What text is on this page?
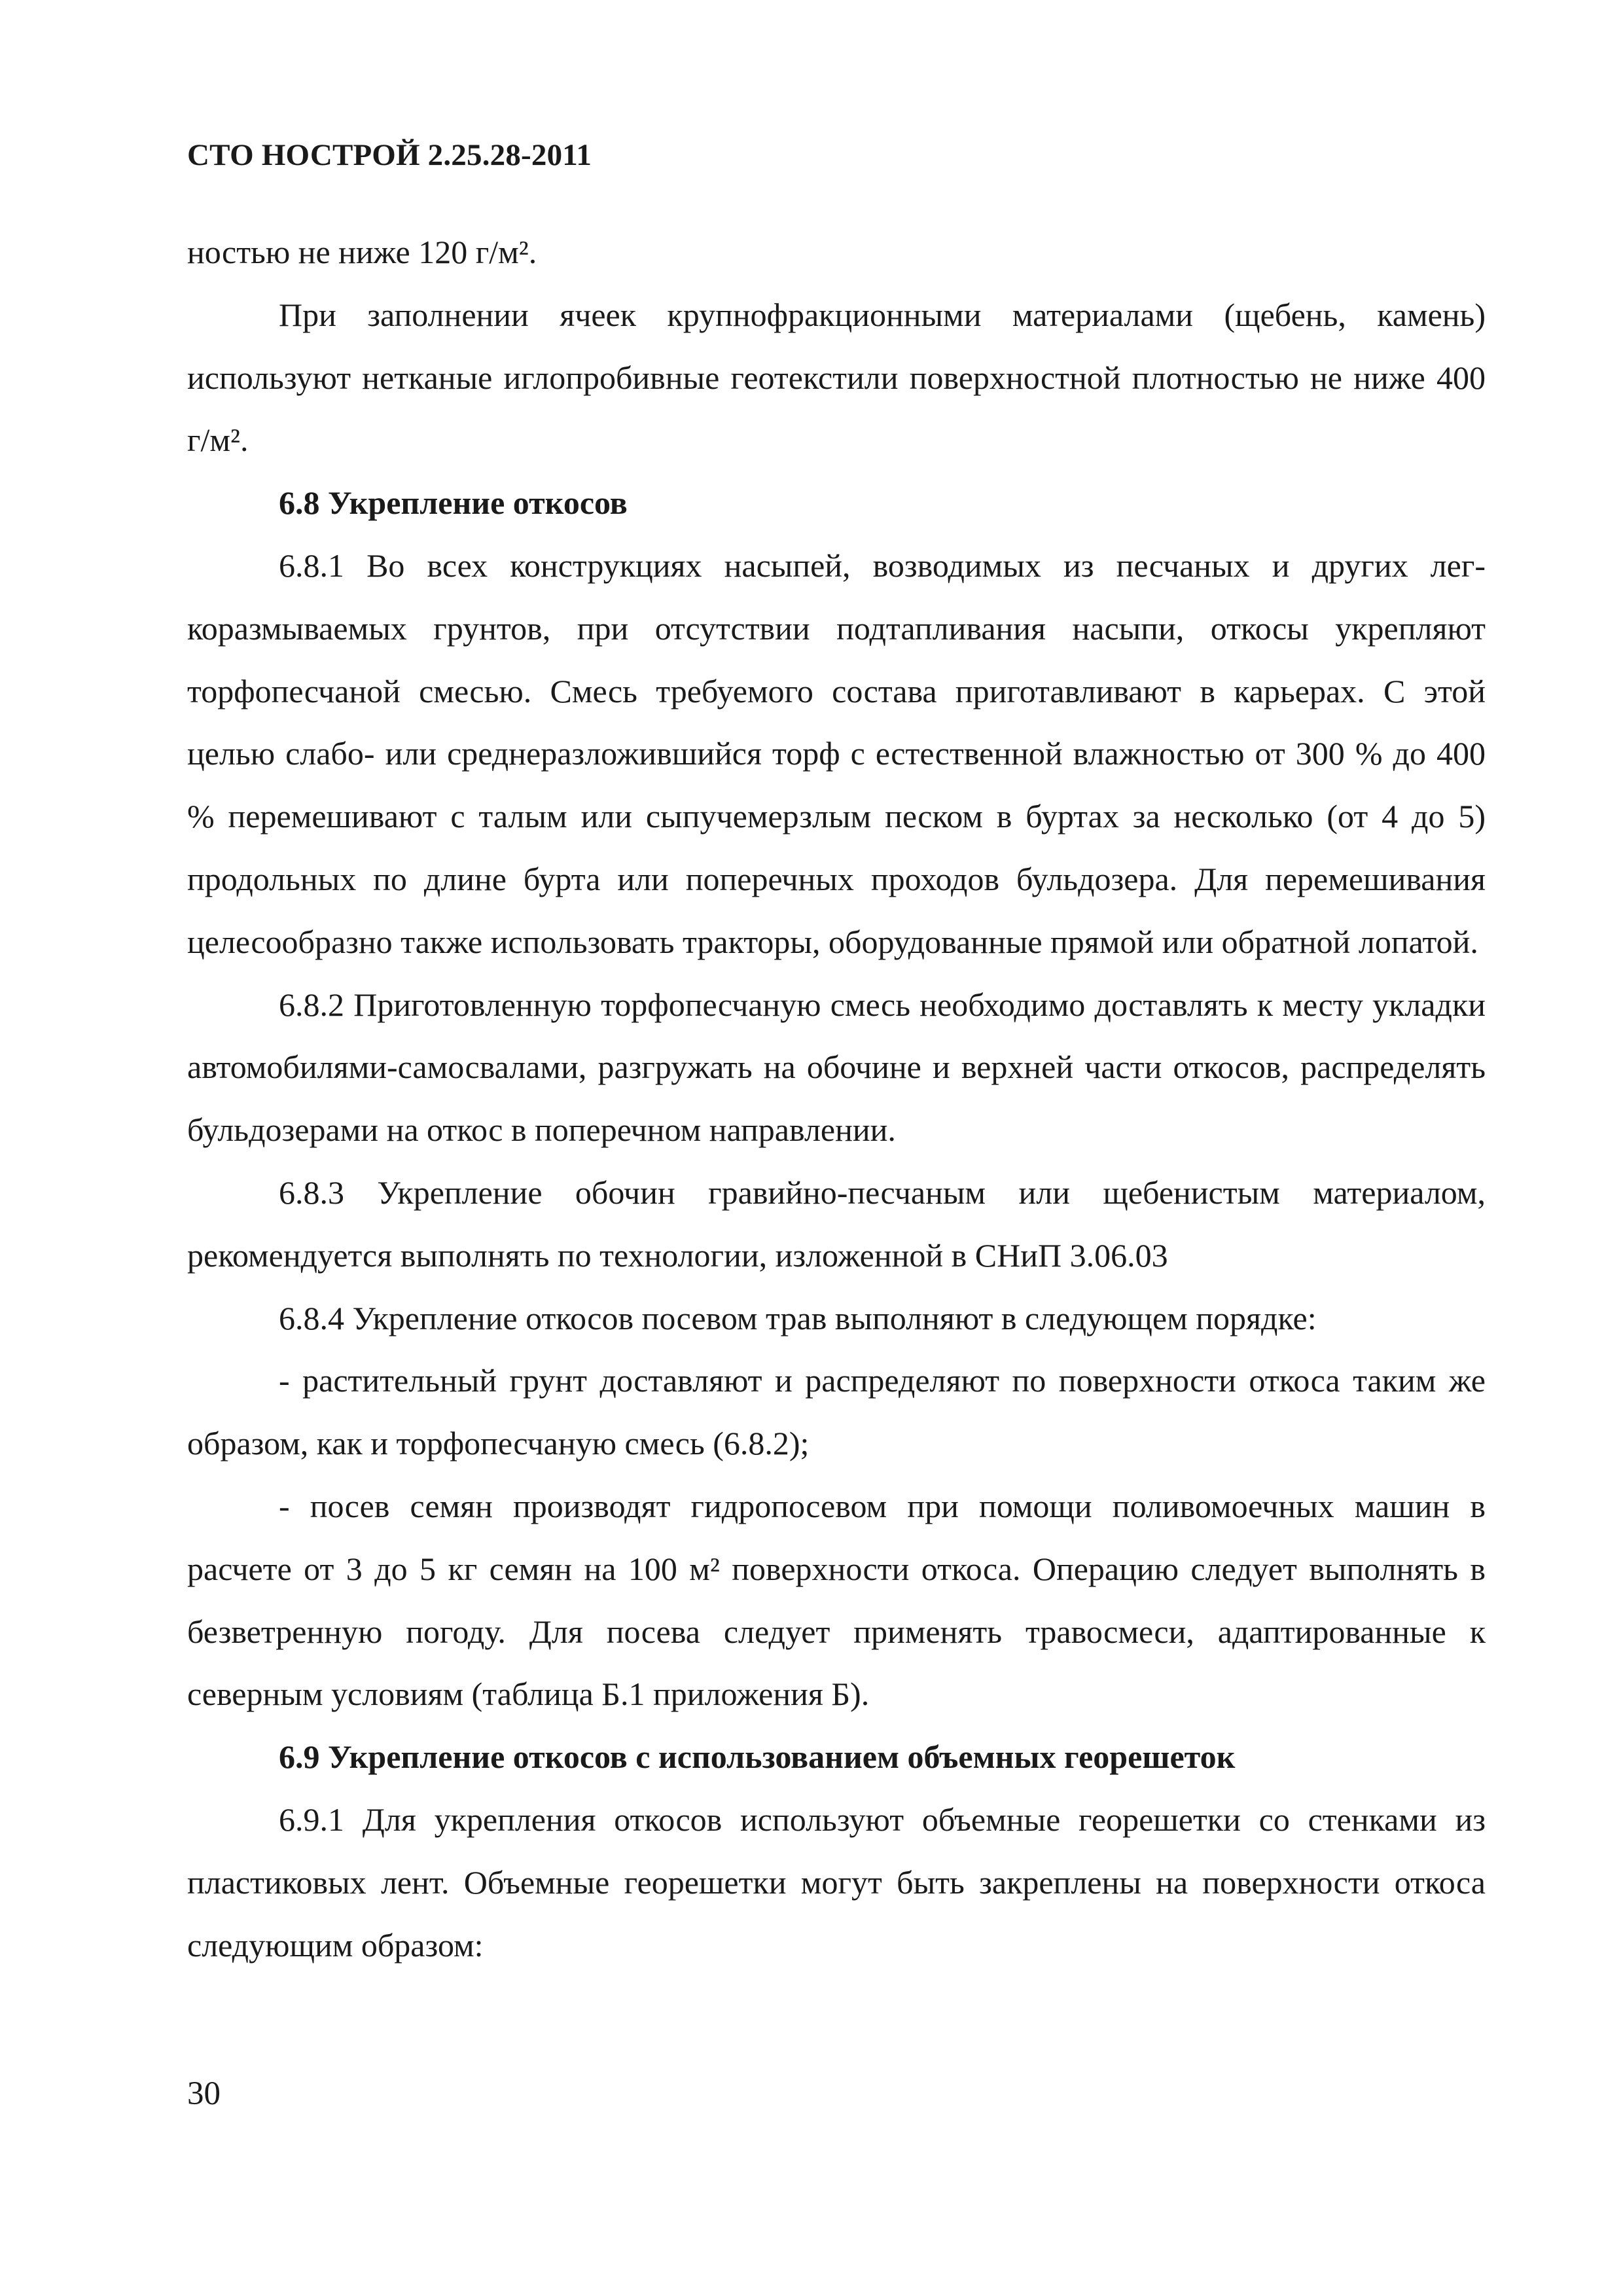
СТО НОСТРОЙ 2.25.28-2011

ностью не ниже 120 г/м².

При заполнении ячеек крупнофракционными материалами (щебень, камень) используют нетканые иглопробивные геотекстили поверхностной плотностью не ниже 400 г/м².

6.8 Укрепление откосов

6.8.1 Во всех конструкциях насыпей, возводимых из песчаных и других легкоразмываемых грунтов, при отсутствии подтапливания насыпи, откосы укрепляют торфопесчаной смесью. Смесь требуемого состава приготавливают в карьерах. С этой целью слабо- или среднеразложившийся торф с естественной влажностью от 300 % до 400 % перемешивают с талым или сыпучемерзлым песком в буртах за несколько (от 4 до 5) продольных по длине бурта или поперечных проходов бульдозера. Для перемешивания целесообразно также использовать тракторы, оборудованные прямой или обратной лопатой.

6.8.2 Приготовленную торфопесчаную смесь необходимо доставлять к месту укладки автомобилями-самосвалами, разгружать на обочине и верхней части откосов, распределять бульдозерами на откос в поперечном направлении.

6.8.3 Укрепление обочин гравийно-песчаным или щебенистым материалом, рекомендуется выполнять по технологии, изложенной в СНиП 3.06.03

6.8.4 Укрепление откосов посевом трав выполняют в следующем порядке:

- растительный грунт доставляют и распределяют по поверхности откоса таким же образом, как и торфопесчаную смесь (6.8.2);

- посев семян производят гидропосевом при помощи поливомоечных машин в расчете от 3 до 5 кг семян на 100 м² поверхности откоса. Операцию следует выполнять в безветренную погоду. Для посева следует применять травосмеси, адаптированные к северным условиям (таблица Б.1 приложения Б).

6.9 Укрепление откосов с использованием объемных георешеток

6.9.1 Для укрепления откосов используют объемные георешетки со стенками из пластиковых лент. Объемные георешетки могут быть закреплены на поверхности откоса следующим образом:

30
